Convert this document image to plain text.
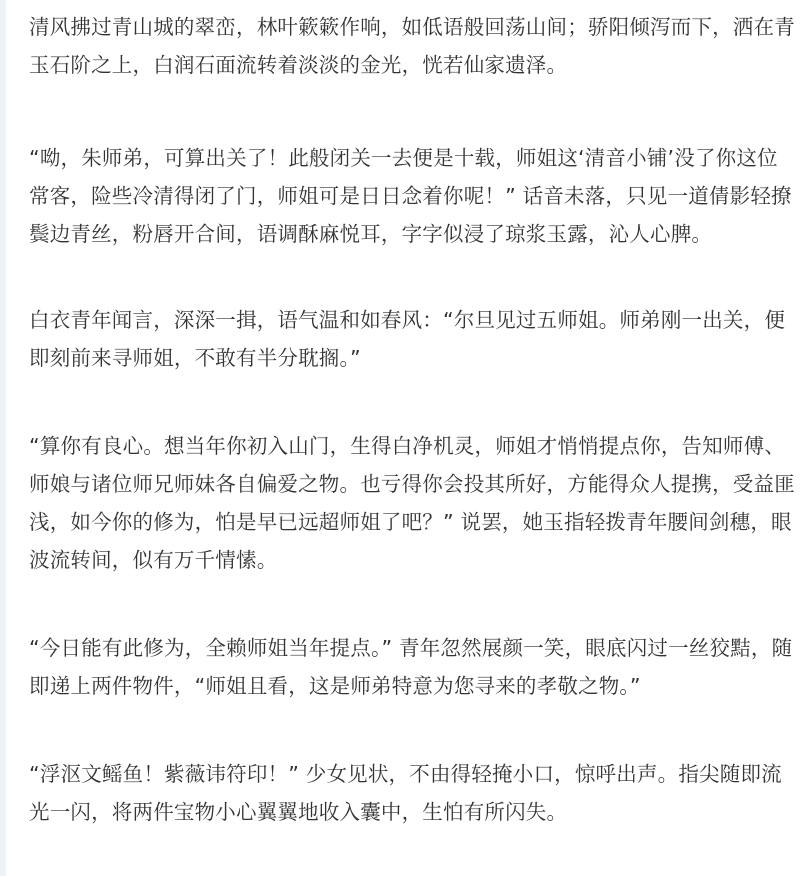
清风拂过青山城的翠峦，林叶簌簌作响，如低语般回荡山间；骄阳倾泻而下，洒在青玉石阶之上，白润石面流转着淡淡的金光，恍若仙家遗泽。

“呦，朱师弟，可算出关了！此般闭关一去便是十载，师姐这‘清音小铺’没了你这位常客，险些冷清得闭了门，师姐可是日日念着你呢！” 话音未落，只见一道倩影轻撩鬓边青丝，粉唇开合间，语调酥麻悦耳，字字似浸了琼浆玉露，沁人心脾。

白衣青年闻言，深深一揖，语气温和如春风：“尔旦见过五师姐。师弟刚一出关，便即刻前来寻师姐，不敢有半分耽搁。”

“算你有良心。想当年你初入山门，生得白净机灵，师姐才悄悄提点你，告知师傅、师娘与诸位师兄师妹各自偏爱之物。也亏得你会投其所好，方能得众人提携，受益匪浅，如今你的修为，怕是早已远超师姐了吧？” 说罢，她玉指轻拨青年腰间剑穗，眼波流转间，似有万千情愫。

“今日能有此修为，全赖师姐当年提点。” 青年忽然展颜一笑，眼底闪过一丝狡黠，随即递上两件物件，“师姐且看，这是师弟特意为您寻来的孝敬之物。”

“浮沤文鳐鱼！紫薇讳符印！” 少女见状，不由得轻掩小口，惊呼出声。指尖随即流光一闪，将两件宝物小心翼翼地收入囊中，生怕有所闪失。
